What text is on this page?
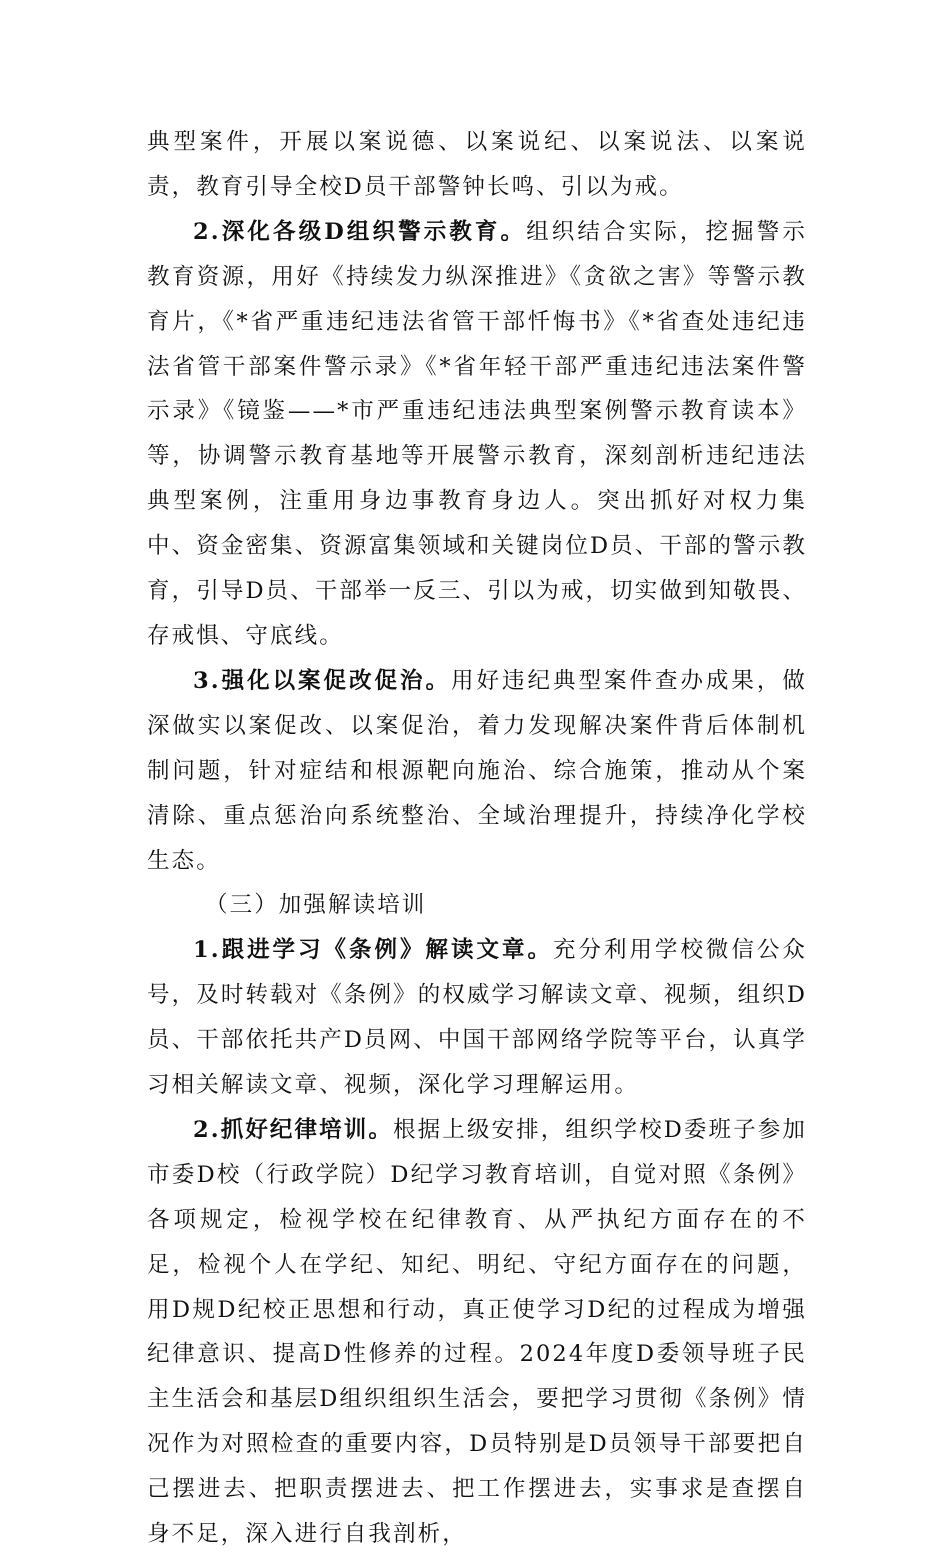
典型案件，开展以案说德、以案说纪、以案说法、以案说责，教育引导全校D员干部警钟长鸣、引以为戒。

2.深化各级D组织警示教育。组织结合实际，挖掘警示教育资源，用好《持续发力纵深推进》《贪欲之害》等警示教育片，《*省严重违纪违法省管干部忏悔书》《*省查处违纪违法省管干部案件警示录》《*省年轻干部严重违纪违法案件警示录》《镜鉴——*市严重违纪违法典型案例警示教育读本》等，协调警示教育基地等开展警示教育，深刻剖析违纪违法典型案例，注重用身边事教育身边人。突出抓好对权力集中、资金密集、资源富集领域和关键岗位D员、干部的警示教育，引导D员、干部举一反三、引以为戒，切实做到知敬畏、存戒惧、守底线。

3.强化以案促改促治。用好违纪典型案件查办成果，做深做实以案促改、以案促治，着力发现解决案件背后体制机制问题，针对症结和根源靶向施治、综合施策，推动从个案清除、重点惩治向系统整治、全域治理提升，持续净化学校生态。

（三）加强解读培训

1.跟进学习《条例》解读文章。充分利用学校微信公众号，及时转载对《条例》的权威学习解读文章、视频，组织D员、干部依托共产D员网、中国干部网络学院等平台，认真学习相关解读文章、视频，深化学习理解运用。

2.抓好纪律培训。根据上级安排，组织学校D委班子参加市委D校（行政学院）D纪学习教育培训，自觉对照《条例》各项规定，检视学校在纪律教育、从严执纪方面存在的不足，检视个人在学纪、知纪、明纪、守纪方面存在的问题，用D规D纪校正思想和行动，真正使学习D纪的过程成为增强纪律意识、提高D性修养的过程。2024年度D委领导班子民主生活会和基层D组织组织生活会，要把学习贯彻《条例》情况作为对照检查的重要内容，D员特别是D员领导干部要把自己摆进去、把职责摆进去、把工作摆进去，实事求是查摆自身不足，深入进行自我剖析，
